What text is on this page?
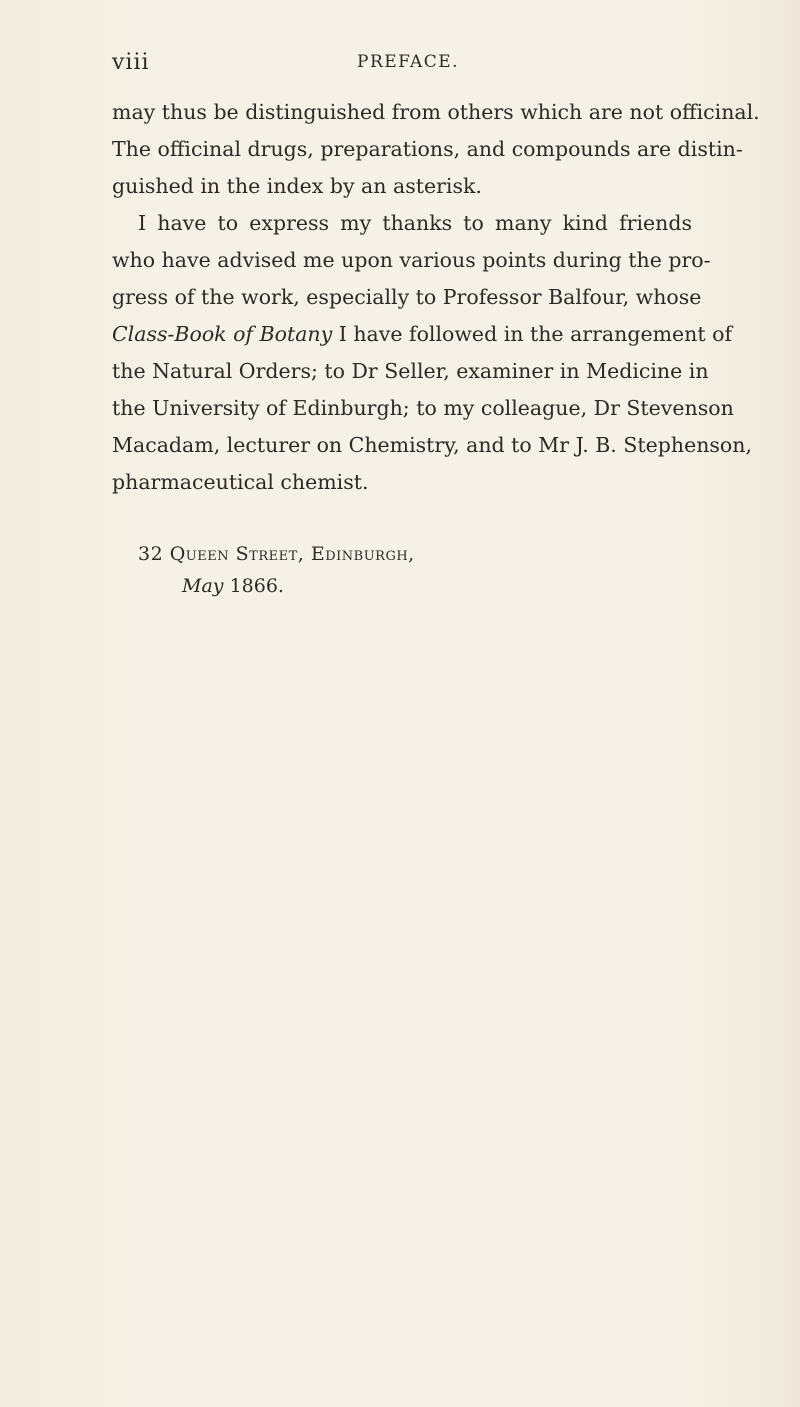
viii	PREFACE.
may thus be distinguished from others which are not officinal.
The officinal drugs, preparations, and compounds are distin-
guished in the index by an asterisk.
I have to express my thanks to many kind friends
who have advised me upon various points during the pro-
gress of the work, especially to Professor Balfour, whose
Class-Book of Botany I have followed in the arrangement of
the Natural Orders; to Dr Seller, examiner in Medicine in
the University of Edinburgh; to my colleague, Dr Stevenson
Macadam, lecturer on Chemistry, and to Mr J. B. Stephenson,
pharmaceutical chemist.
32 Queen Street, Edinburgh,
May 1866.
